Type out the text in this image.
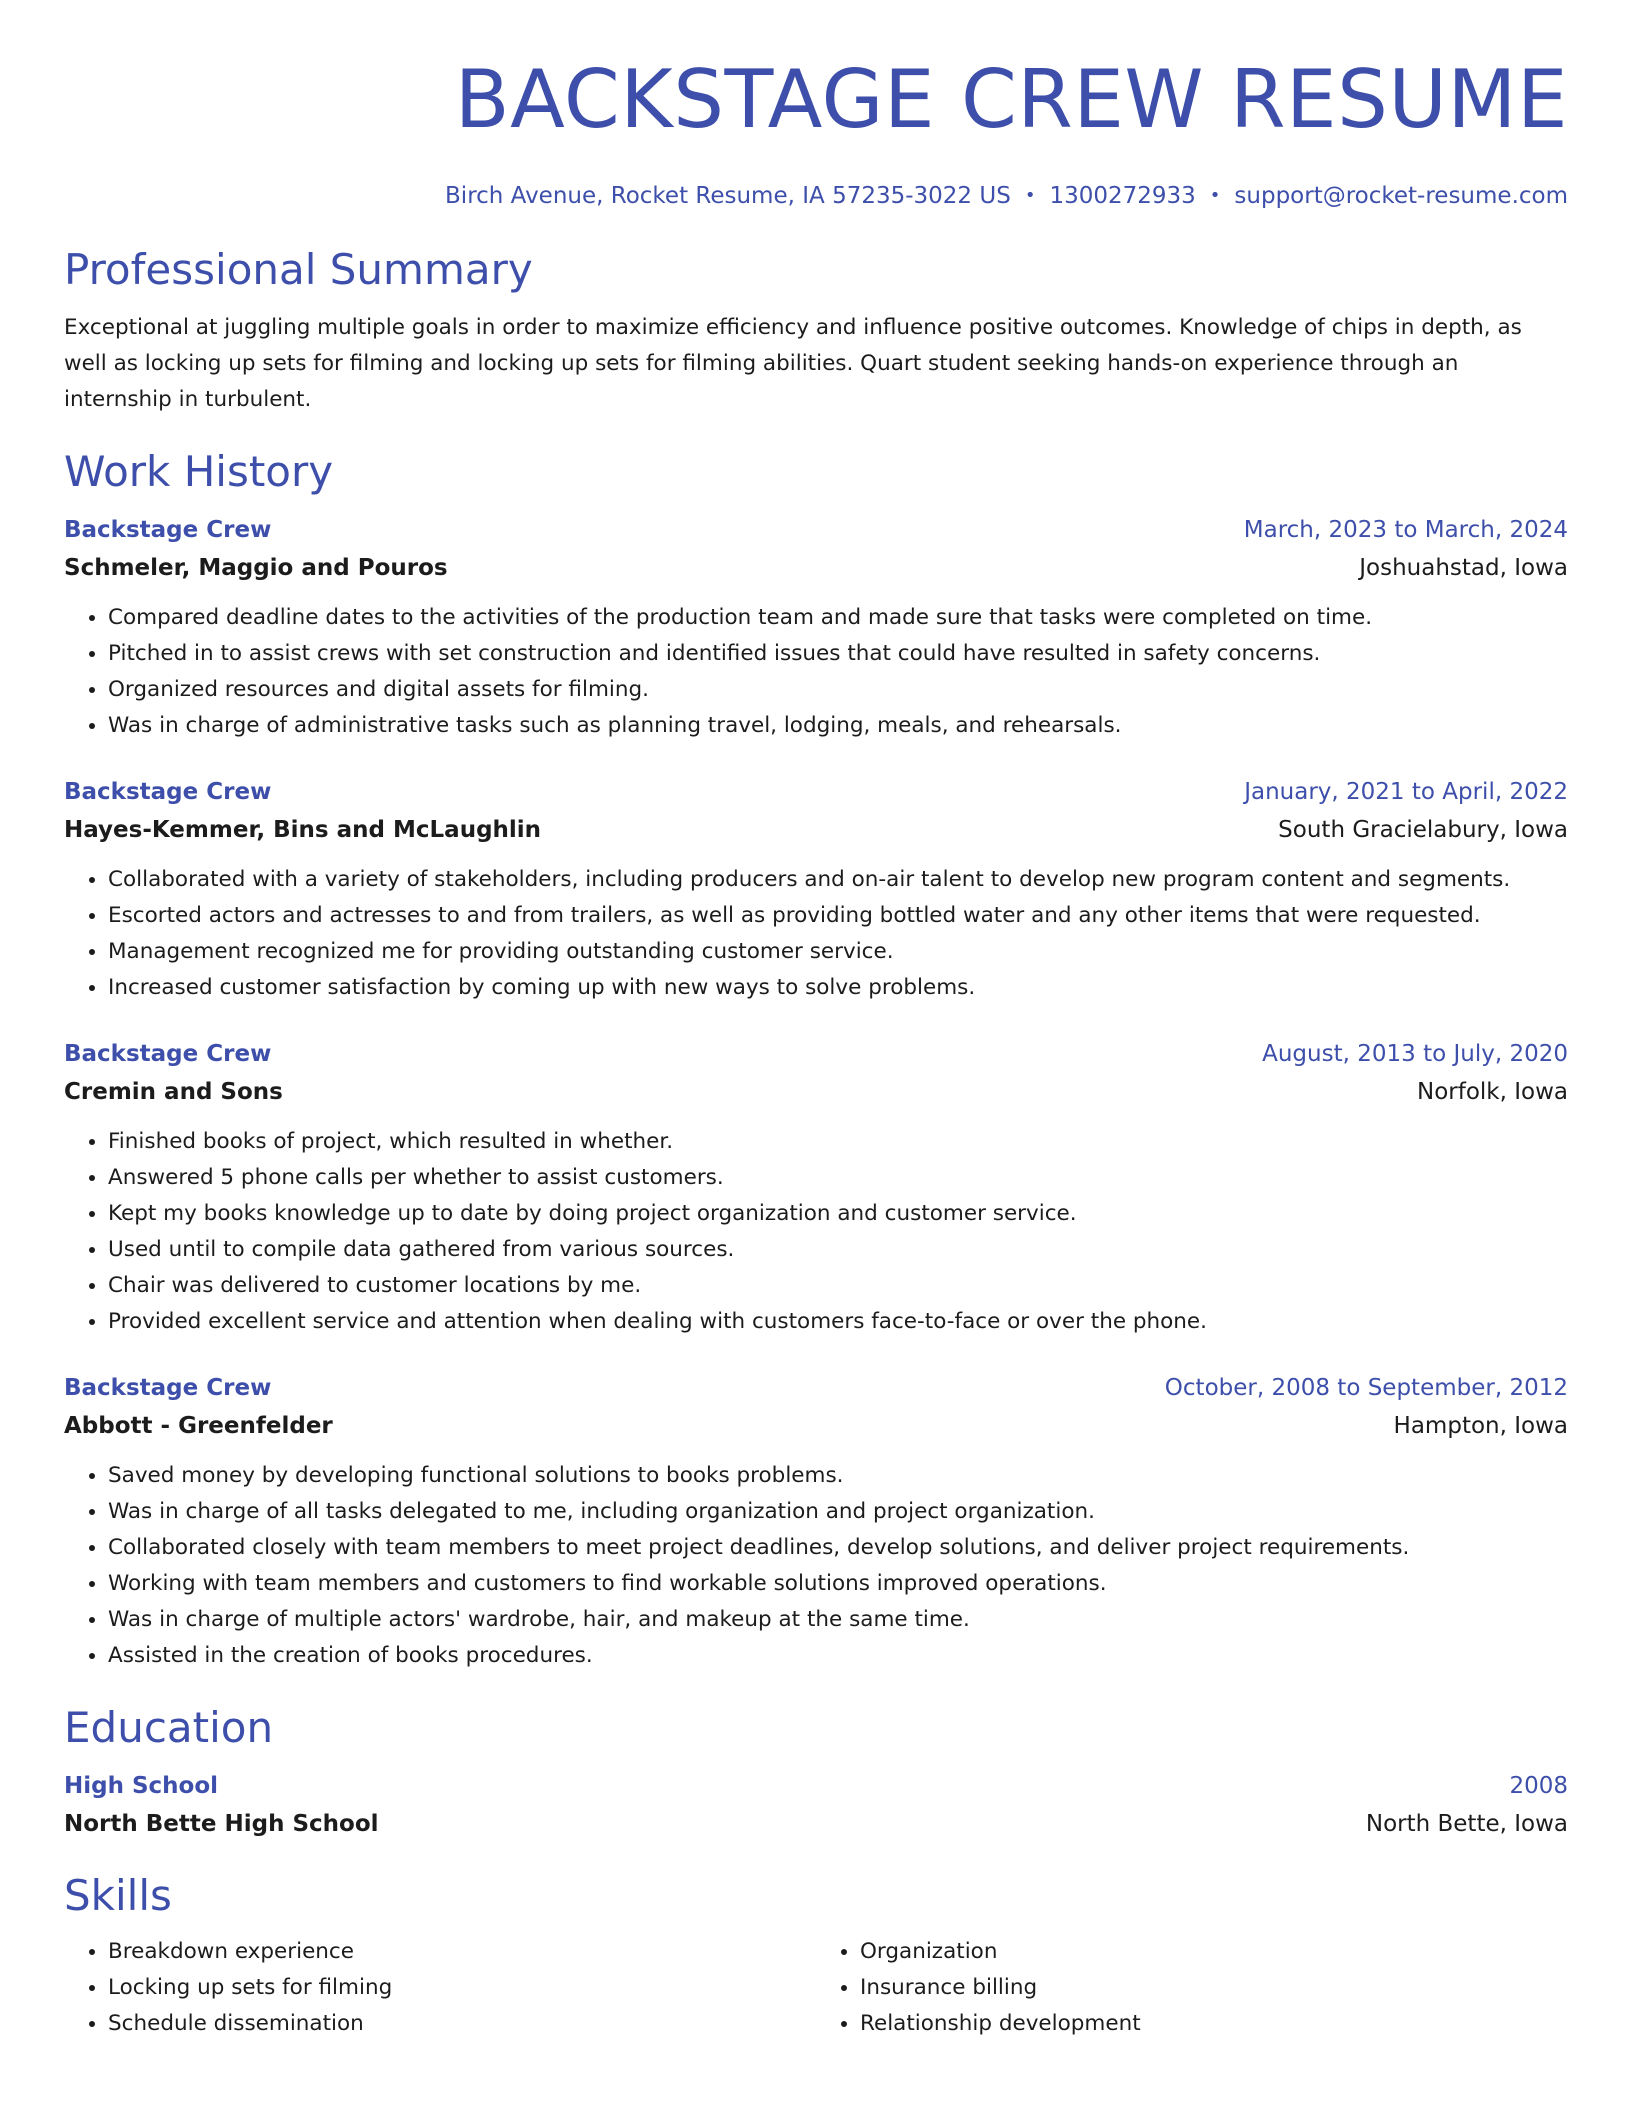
BACKSTAGE CREW RESUME
Birch Avenue, Rocket Resume, IA 57235-3022 US • 1300272933 • support@rocket-resume.com
Professional Summary
Exceptional at juggling multiple goals in order to maximize efficiency and influence positive outcomes. Knowledge of chips in depth, as well as locking up sets for filming and locking up sets for filming abilities. Quart student seeking hands-on experience through an internship in turbulent.
Work History
Backstage Crew	March, 2023 to March, 2024
Schmeler, Maggio and Pouros	Joshuahstad, Iowa
• Compared deadline dates to the activities of the production team and made sure that tasks were completed on time.
• Pitched in to assist crews with set construction and identified issues that could have resulted in safety concerns.
• Organized resources and digital assets for filming.
• Was in charge of administrative tasks such as planning travel, lodging, meals, and rehearsals.
Backstage Crew	January, 2021 to April, 2022
Hayes-Kemmer, Bins and McLaughlin	South Gracielabury, Iowa
• Collaborated with a variety of stakeholders, including producers and on-air talent to develop new program content and segments.
• Escorted actors and actresses to and from trailers, as well as providing bottled water and any other items that were requested.
• Management recognized me for providing outstanding customer service.
• Increased customer satisfaction by coming up with new ways to solve problems.
Backstage Crew	August, 2013 to July, 2020
Cremin and Sons	Norfolk, Iowa
• Finished books of project, which resulted in whether.
• Answered 5 phone calls per whether to assist customers.
• Kept my books knowledge up to date by doing project organization and customer service.
• Used until to compile data gathered from various sources.
• Chair was delivered to customer locations by me.
• Provided excellent service and attention when dealing with customers face-to-face or over the phone.
Backstage Crew	October, 2008 to September, 2012
Abbott - Greenfelder	Hampton, Iowa
• Saved money by developing functional solutions to books problems.
• Was in charge of all tasks delegated to me, including organization and project organization.
• Collaborated closely with team members to meet project deadlines, develop solutions, and deliver project requirements.
• Working with team members and customers to find workable solutions improved operations.
• Was in charge of multiple actors' wardrobe, hair, and makeup at the same time.
• Assisted in the creation of books procedures.
Education
High School	2008
North Bette High School	North Bette, Iowa
Skills
• Breakdown experience
• Locking up sets for filming
• Schedule dissemination
• Organization
• Insurance billing
• Relationship development
